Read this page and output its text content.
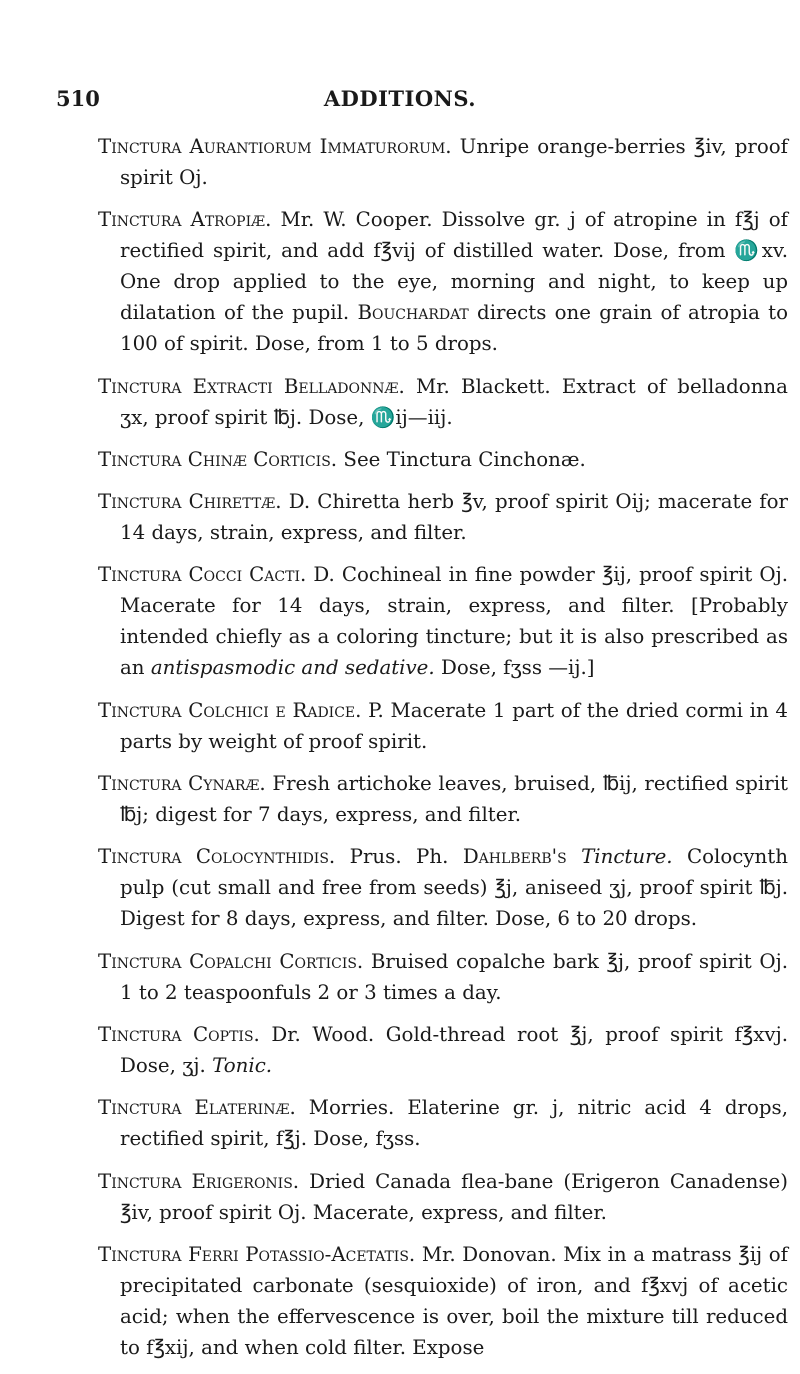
510	ADDITIONS.

Tinctura Aurantiorum Immaturorum. Unripe orange-berries ℥iv, proof spirit Oj.

Tinctura Atropiæ. Mr. W. Cooper. Dissolve gr. j of atropine in f℥j of rectified spirit, and add f℥vij of distilled water. Dose, from ♏xv. One drop applied to the eye, morning and night, to keep up dilatation of the pupil. Bouchardat directs one grain of atropia to 100 of spirit. Dose, from 1 to 5 drops.

Tinctura Extracti Belladonnæ. Mr. Blackett. Extract of belladonna ʒx, proof spirit ℔j. Dose, ♏ij—iij.

Tinctura Chinæ Corticis. See Tinctura Cinchonæ.

Tinctura Chirettæ. D. Chiretta herb ℥v, proof spirit Oij; macerate for 14 days, strain, express, and filter.

Tinctura Cocci Cacti. D. Cochineal in fine powder ℥ij, proof spirit Oj. Macerate for 14 days, strain, express, and filter. [Probably intended chiefly as a coloring tincture; but it is also prescribed as an antispasmodic and sedative. Dose, fʒss —ij.]

Tinctura Colchici e Radice. P. Macerate 1 part of the dried cormi in 4 parts by weight of proof spirit.

Tinctura Cynaræ. Fresh artichoke leaves, bruised, ℔ij, rectified spirit ℔j; digest for 7 days, express, and filter.

Tinctura Colocynthidis. Prus. Ph. Dahlberb's Tincture. Colocynth pulp (cut small and free from seeds) ℥j, aniseed ʒj, proof spirit ℔j. Digest for 8 days, express, and filter. Dose, 6 to 20 drops.

Tinctura Copalchi Corticis. Bruised copalche bark ℥j, proof spirit Oj. 1 to 2 teaspoonfuls 2 or 3 times a day.

Tinctura Coptis. Dr. Wood. Gold-thread root ℥j, proof spirit f℥xvj. Dose, ʒj. Tonic.

Tinctura Elaterinæ. Morries. Elaterine gr. j, nitric acid 4 drops, rectified spirit, f℥j. Dose, fʒss.

Tinctura Erigeronis. Dried Canada flea-bane (Erigeron Canadense) ℥iv, proof spirit Oj. Macerate, express, and filter.

Tinctura Ferri Potassio-Acetatis. Mr. Donovan. Mix in a matrass ℥ij of precipitated carbonate (sesquioxide) of iron, and f℥xvj of acetic acid; when the effervescence is over, boil the mixture till reduced to f℥xij, and when cold filter. Expose
